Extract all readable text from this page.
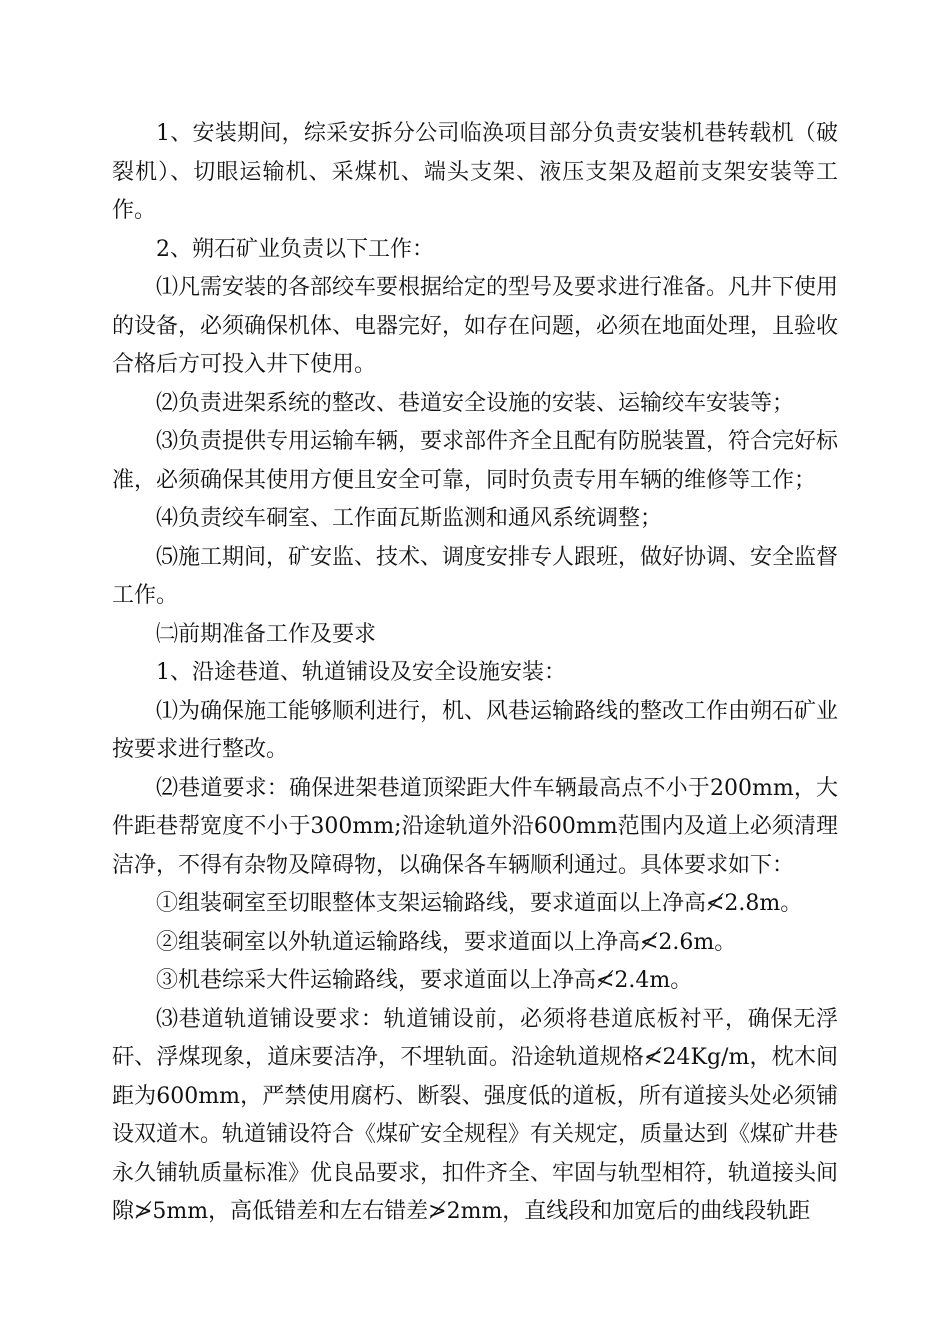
1、安装期间，综采安拆分公司临涣项目部分负责安装机巷转载机（破裂机）、切眼运输机、采煤机、端头支架、液压支架及超前支架安装等工作。

2、朔石矿业负责以下工作：

⑴凡需安装的各部绞车要根据给定的型号及要求进行准备。凡井下使用的设备，必须确保机体、电器完好，如存在问题，必须在地面处理，且验收合格后方可投入井下使用。

⑵负责进架系统的整改、巷道安全设施的安装、运输绞车安装等；

⑶负责提供专用运输车辆，要求部件齐全且配有防脱装置，符合完好标准，必须确保其使用方便且安全可靠，同时负责专用车辆的维修等工作；

⑷负责绞车硐室、工作面瓦斯监测和通风系统调整；

⑸施工期间，矿安监、技术、调度安排专人跟班，做好协调、安全监督工作。

㈡前期准备工作及要求

1、沿途巷道、轨道铺设及安全设施安装：

⑴为确保施工能够顺利进行，机、风巷运输路线的整改工作由朔石矿业按要求进行整改。

⑵巷道要求：确保进架巷道顶梁距大件车辆最高点不小于200mm，大件距巷帮宽度不小于300mm;沿途轨道外沿600mm范围内及道上必须清理洁净，不得有杂物及障碍物，以确保各车辆顺利通过。具体要求如下：

①组装硐室至切眼整体支架运输路线，要求道面以上净高≮2.8m。

②组装硐室以外轨道运输路线，要求道面以上净高≮2.6m。

③机巷综采大件运输路线，要求道面以上净高≮2.4m。

⑶巷道轨道铺设要求：轨道铺设前，必须将巷道底板衬平，确保无浮矸、浮煤现象，道床要洁净，不埋轨面。沿途轨道规格≮24Kg/m，枕木间距为600mm，严禁使用腐朽、断裂、强度低的道板，所有道接头处必须铺设双道木。轨道铺设符合《煤矿安全规程》有关规定，质量达到《煤矿井巷永久铺轨质量标准》优良品要求，扣件齐全、牢固与轨型相符，轨道接头间隙≯5mm，高低错差和左右错差≯2mm，直线段和加宽后的曲线段轨距
